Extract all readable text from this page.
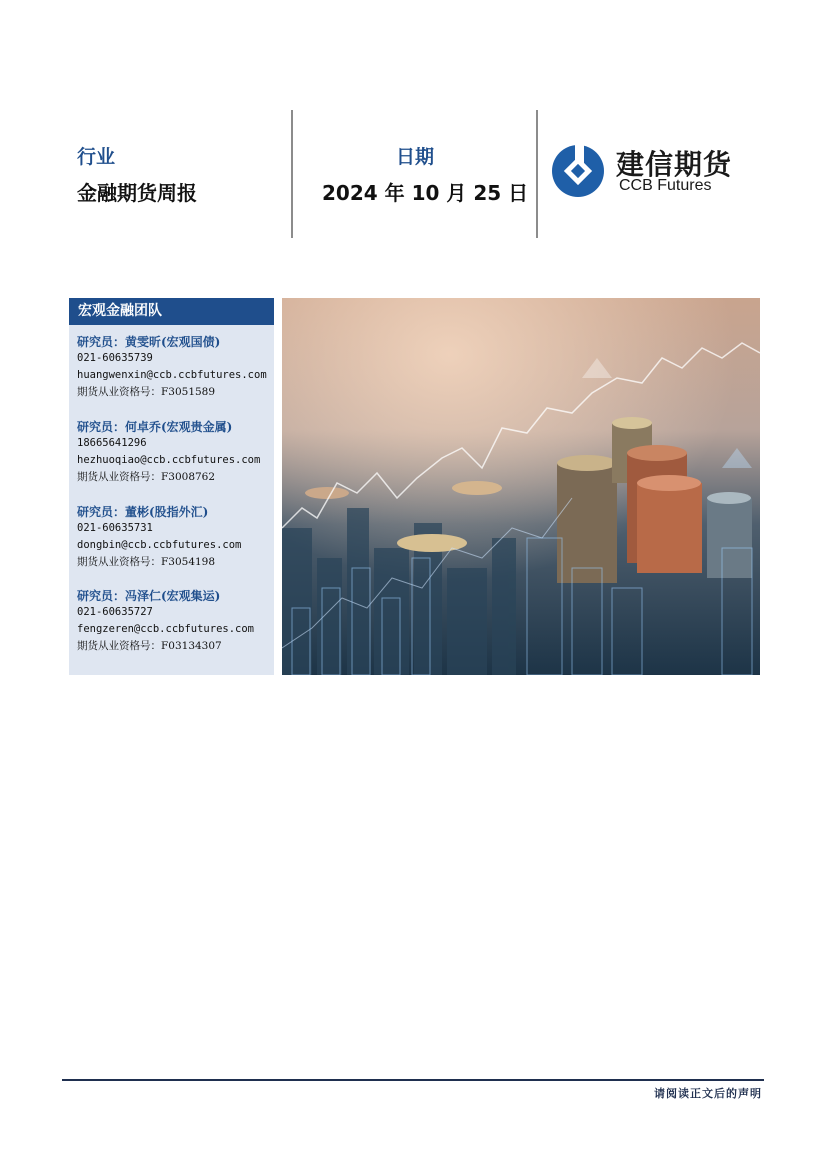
行业
金融期货周报
日期
2024 年 10 月 25 日
建信期货
CCB Futures
宏观金融团队
研究员：黄雯昕(宏观国债)
021-60635739
huangwenxin@ccb.ccbfutures.com
期货从业资格号：F3051589
研究员：何卓乔(宏观贵金属)
18665641296
hezhuoqiao@ccb.ccbfutures.com
期货从业资格号：F3008762
研究员：董彬(股指外汇)
021-60635731
dongbin@ccb.ccbfutures.com
期货从业资格号：F3054198
研究员：冯泽仁(宏观集运)
021-60635727
fengzeren@ccb.ccbfutures.com
期货从业资格号：F03134307
请阅读正文后的声明
